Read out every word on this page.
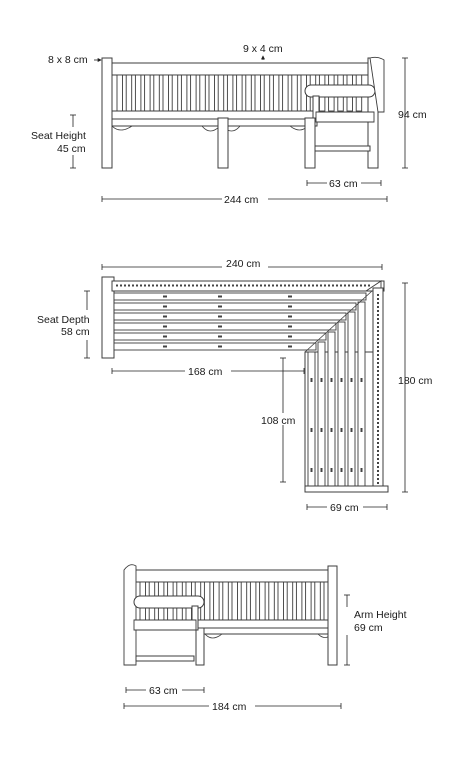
8 x 8 cm
9 x 4 cm
Seat Height
45 cm
94 cm
63 cm
244 cm
240 cm
Seat Depth
58 cm
168 cm
108 cm
180 cm
69 cm
Arm Height
69 cm
63 cm
184 cm
